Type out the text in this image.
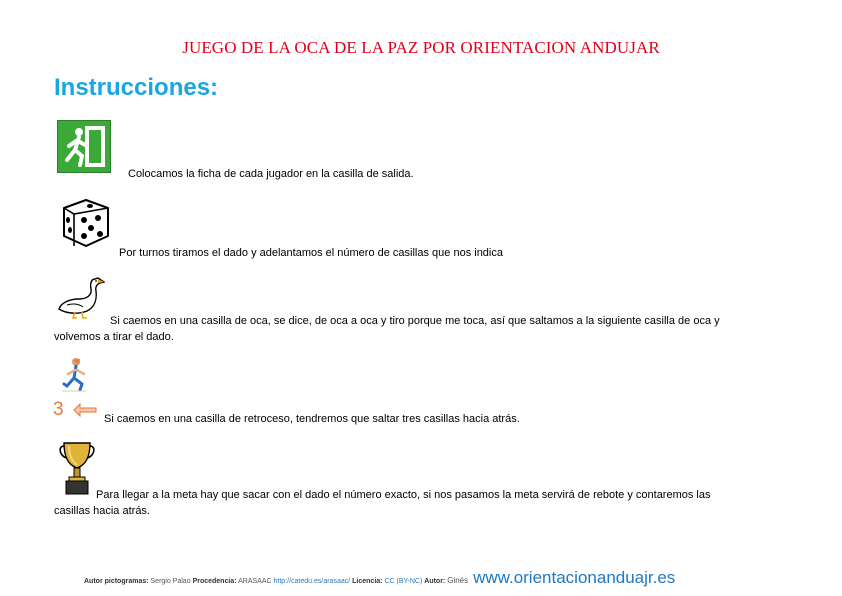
JUEGO DE LA OCA DE LA PAZ POR ORIENTACION ANDUJAR
Instrucciones:
Colocamos la ficha de cada jugador en la casilla de salida.
Por turnos tiramos el dado y adelantamos el número de casillas que nos indica
Si caemos en una casilla de oca, se dice, de oca a oca y tiro porque me toca, así que saltamos a la siguiente casilla de oca y
volvemos a tirar el dado.
3	Si caemos en una casilla de retroceso, tendremos que saltar tres casillas hacia atrás.
Para llegar a la meta hay que sacar con el dado el número exacto, si nos pasamos la meta servirá de rebote y contaremos las
casillas hacia atrás.
Autor pictogramas: Sergio Palao Procedencia: ARASAAC http://catedu.es/arasaac/ Licencia: CC (BY-NC) Autor: Ginés www.orientacionanduajr.es
